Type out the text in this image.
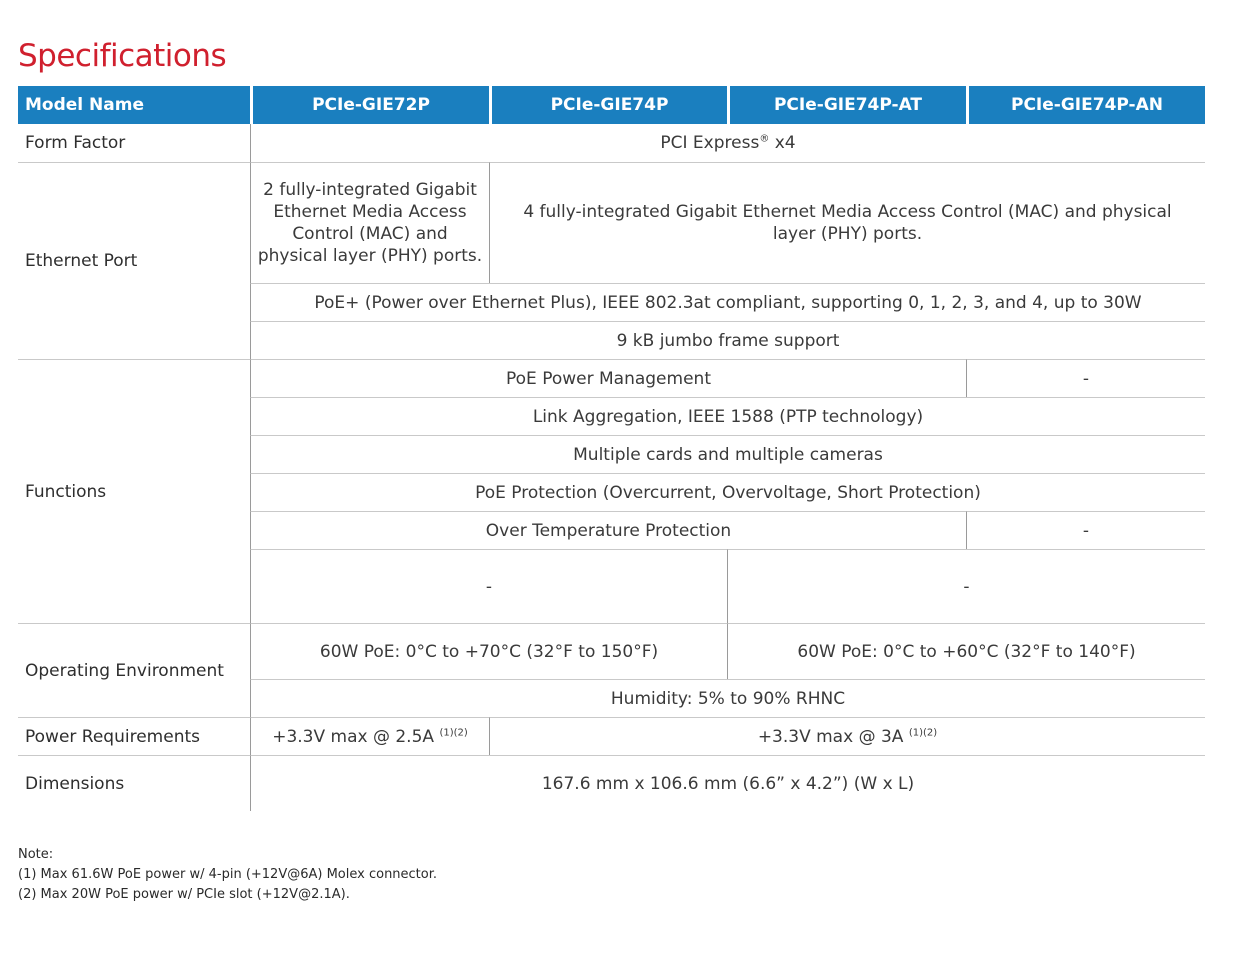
Specifications
Model Name	PCIe-GIE72P	PCIe-GIE74P	PCIe-GIE74P-AT	PCIe-GIE74P-AN
Form Factor	PCI Express® x4			
Ethernet Port	2 fully-integrated Gigabit Ethernet Media Access Control (MAC) and physical layer (PHY) ports.	4 fully-integrated Gigabit Ethernet Media Access Control (MAC) and physical layer (PHY) ports.		
	PoE+ (Power over Ethernet Plus), IEEE 802.3at compliant, supporting 0, 1, 2, 3, and 4, up to 30W			
	9 kB jumbo frame support			
Functions	PoE Power Management			-
	Link Aggregation, IEEE 1588 (PTP technology)			
	Multiple cards and multiple cameras			
	PoE Protection (Overcurrent, Overvoltage, Short Protection)			
	Over Temperature Protection			-
	-		-	
Operating Environment	60W PoE: 0°C to +70°C (32°F to 150°F)		60W PoE: 0°C to +60°C (32°F to 140°F)	
	Humidity: 5% to 90% RHNC			
Power Requirements	+3.3V max @ 2.5A $^{(1)(2)}$	+3.3V max @ 3A $^{(1)(2)}$
Dimensions	167.6 mm x 106.6 mm (6.6” x 4.2”) (W x L)			
Note:
(1) Max 61.6W PoE power w/ 4-pin (+12V@6A) Molex connector.
(2) Max 20W PoE power w/ PCIe slot (+12V@2.1A).
